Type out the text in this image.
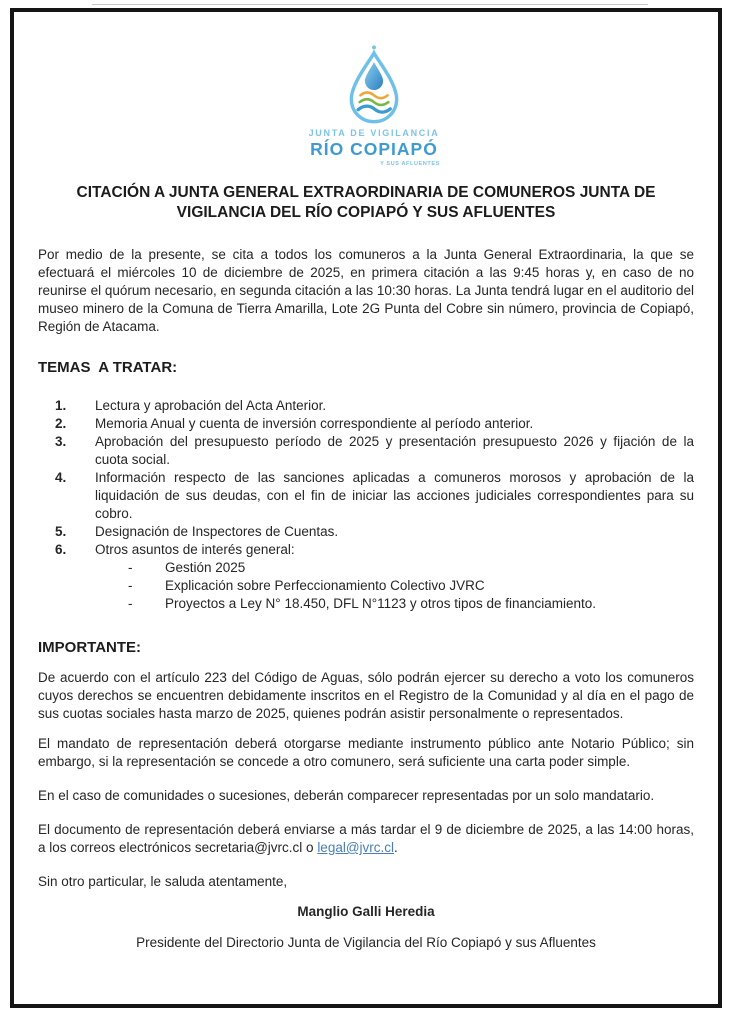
JUNTA DE VIGILANCIA
RÍO COPIAPÓ
Y SUS AFLUENTES
CITACIÓN A JUNTA GENERAL EXTRAORDINARIA DE COMUNEROS JUNTA DE VIGILANCIA DEL RÍO COPIAPÓ Y SUS AFLUENTES

Por medio de la presente, se cita a todos los comuneros a la Junta General Extraordinaria, la que se efectuará el miércoles 10 de diciembre de 2025, en primera citación a las 9:45 horas y, en caso de no reunirse el quórum necesario, en segunda citación a las 10:30 horas. La Junta tendrá lugar en el auditorio del museo minero de la Comuna de Tierra Amarilla, Lote 2G Punta del Cobre sin número, provincia de Copiapó, Región de Atacama.

TEMAS  A TRATAR:
1.	Lectura y aprobación del Acta Anterior.
2.	Memoria Anual y cuenta de inversión correspondiente al período anterior.
3.	Aprobación del presupuesto período de 2025 y presentación presupuesto 2026 y fijación de la cuota social.
4.	Información respecto de las sanciones aplicadas a comuneros morosos y aprobación de la liquidación de sus deudas, con el fin de iniciar las acciones judiciales correspondientes para su cobro.
5.	Designación de Inspectores de Cuentas.
6.	Otros asuntos de interés general:
-	Gestión 2025
-	Explicación sobre Perfeccionamiento Colectivo JVRC
-	Proyectos a Ley N° 18.450, DFL N°1123 y otros tipos de financiamiento.
IMPORTANTE:

De acuerdo con el artículo 223 del Código de Aguas, sólo podrán ejercer su derecho a voto los comuneros cuyos derechos se encuentren debidamente inscritos en el Registro de la Comunidad y al día en el pago de sus cuotas sociales hasta marzo de 2025, quienes podrán asistir personalmente o representados.

El mandato de representación deberá otorgarse mediante instrumento público ante Notario Público; sin embargo, si la representación se concede a otro comunero, será suficiente una carta poder simple.

En el caso de comunidades o sucesiones, deberán comparecer representadas por un solo mandatario.

El documento de representación deberá enviarse a más tardar el 9 de diciembre de 2025, a las 14:00 horas, a los correos electrónicos secretaria@jvrc.cl o legal@jvrc.cl.

Sin otro particular, le saluda atentamente,

Manglio Galli Heredia
Presidente del Directorio Junta de Vigilancia del Río Copiapó y sus Afluentes
